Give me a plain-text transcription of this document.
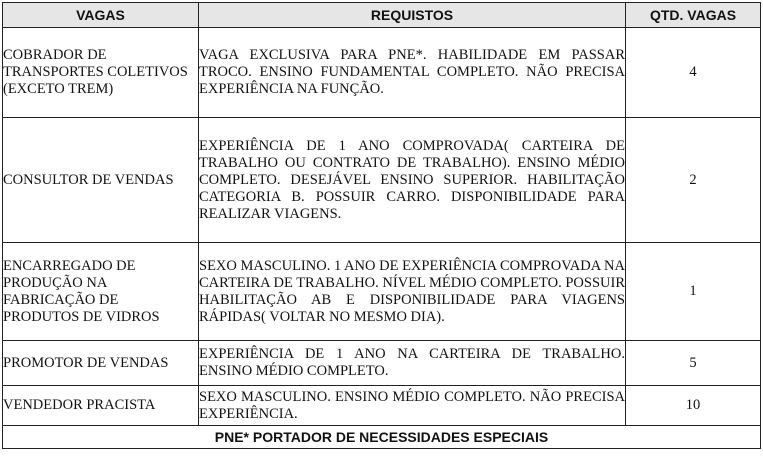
VAGAS	REQUISTOS	QTD. VAGAS
COBRADOR DE TRANSPORTES COLETIVOS (EXCETO TREM)	VAGA EXCLUSIVA PARA PNE*. HABILIDADE EM PASSAR TROCO. ENSINO FUNDAMENTAL COMPLETO. NÃO PRECISA EXPERIÊNCIA NA FUNÇÃO.	4
CONSULTOR DE VENDAS	EXPERIÊNCIA DE 1 ANO COMPROVADA( CARTEIRA DE TRABALHO OU CONTRATO DE TRABALHO). ENSINO MÉDIO COMPLETO. DESEJÁVEL ENSINO SUPERIOR. HABILITAÇÃO CATEGORIA B. POSSUIR CARRO. DISPONIBILIDADE PARA REALIZAR VIAGENS.	2
ENCARREGADO DE PRODUÇÃO NA FABRICAÇÃO DE PRODUTOS DE VIDROS	SEXO MASCULINO. 1 ANO DE EXPERIÊNCIA COMPROVADA NA CARTEIRA DE TRABALHO. NÍVEL MÉDIO COMPLETO. POSSUIR HABILITAÇÃO AB E DISPONIBILIDADE PARA VIAGENS RÁPIDAS( VOLTAR NO MESMO DIA).	1
PROMOTOR DE VENDAS	EXPERIÊNCIA DE 1 ANO NA CARTEIRA DE TRABALHO. ENSINO MÉDIO COMPLETO.	5
VENDEDOR PRACISTA	SEXO MASCULINO. ENSINO MÉDIO COMPLETO. NÃO PRECISA EXPERIÊNCIA.	10
PNE* PORTADOR DE NECESSIDADES ESPECIAIS		
